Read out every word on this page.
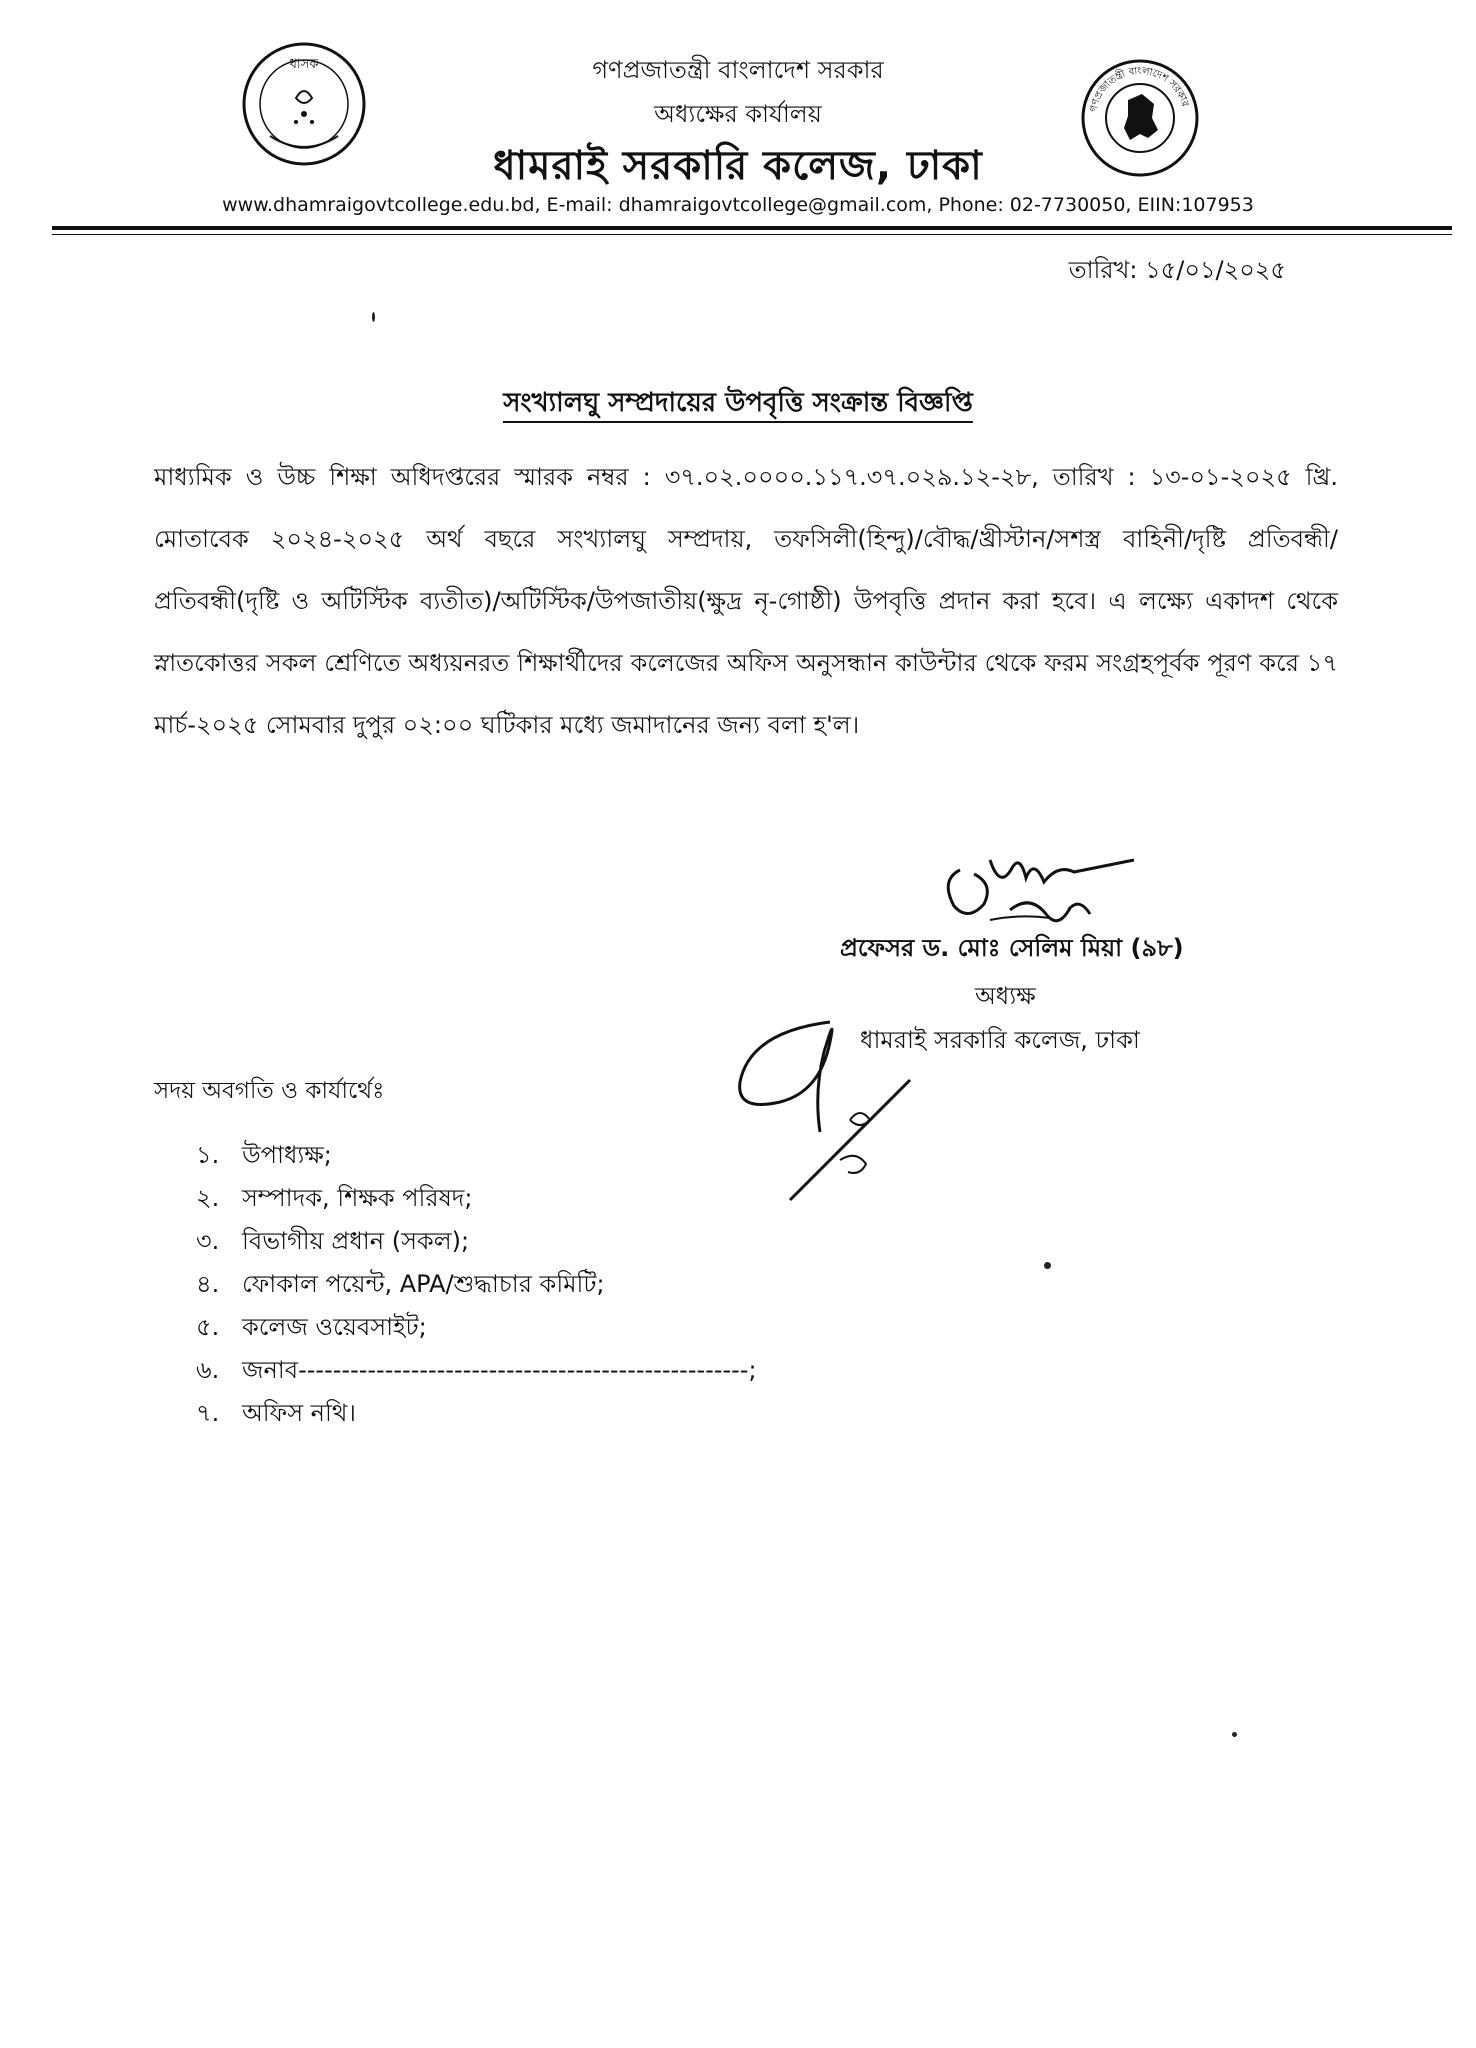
ধাসক
গণপ্রজাতন্ত্রী বাংলাদেশ সরকার
গণপ্রজাতন্ত্রী বাংলাদেশ সরকার
অধ্যক্ষের কার্যালয়
ধামরাই সরকারি কলেজ, ঢাকা
www.dhamraigovtcollege.edu.bd, E-mail: dhamraigovtcollege@gmail.com, Phone: 02-7730050, EIIN:107953
তারিখ: ১৫/০১/২০২৫
সংখ্যালঘু সম্প্রদায়ের উপবৃত্তি সংক্রান্ত বিজ্ঞপ্তি
মাধ্যমিক ও উচ্চ শিক্ষা অধিদপ্তরের স্মারক নম্বর : ৩৭.০২.০০০০.১১৭.৩৭.০২৯.১২-২৮, তারিখ : ১৩-০১-২০২৫ খ্রি. মোতাবেক ২০২৪-২০২৫ অর্থ বছরে সংখ্যালঘু সম্প্রদায়, তফসিলী(হিন্দু)/বৌদ্ধ/খ্রীস্টান/সশস্ত্র বাহিনী/দৃষ্টি প্রতিবন্ধী/প্রতিবন্ধী(দৃষ্টি ও অটিস্টিক ব্যতীত)/অটিস্টিক/উপজাতীয়(ক্ষুদ্র নৃ-গোষ্ঠী) উপবৃত্তি প্রদান করা হবে। এ লক্ষ্যে একাদশ থেকে স্নাতকোত্তর সকল শ্রেণিতে অধ্যয়নরত শিক্ষার্থীদের কলেজের অফিস অনুসন্ধান কাউন্টার থেকে ফরম সংগ্রহপূর্বক পূরণ করে ১৭ মার্চ-২০২৫ সোমবার দুপুর ০২:০০ ঘটিকার মধ্যে জমাদানের জন্য বলা হ'ল।
প্রফেসর ড. মোঃ সেলিম মিয়া (৯৮)
অধ্যক্ষ
ধামরাই সরকারি কলেজ, ঢাকা
সদয় অবগতি ও কার্যার্থেঃ
১. উপাধ্যক্ষ;
২. সম্পাদক, শিক্ষক পরিষদ;
৩. বিভাগীয় প্রধান (সকল);
৪. ফোকাল পয়েন্ট, APA/শুদ্ধাচার কমিটি;
৫. কলেজ ওয়েবসাইট;
৬. জনাব----------------------------------------------------;
৭. অফিস নথি।
